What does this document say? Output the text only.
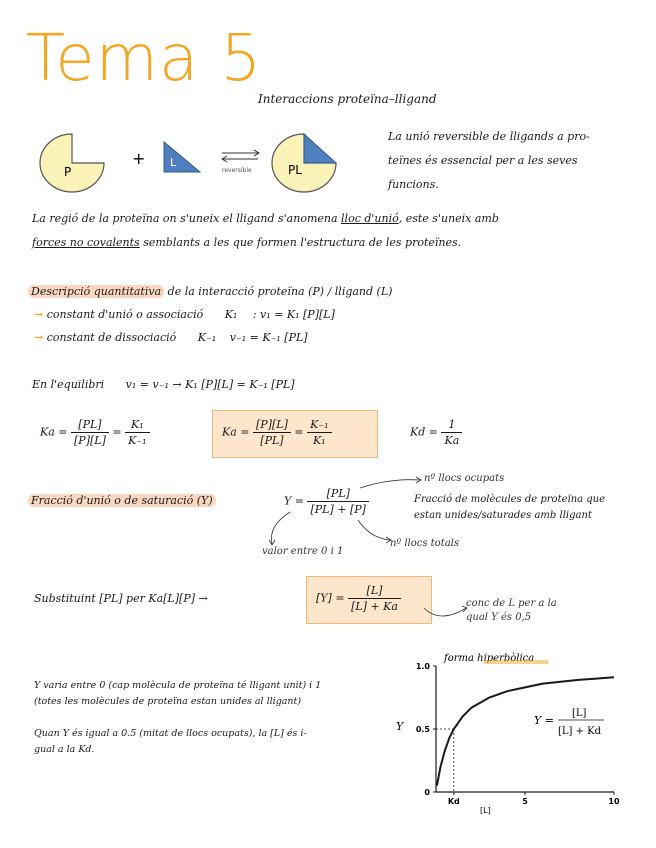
Tema 5
Interaccions proteïna–lligand
P
+ L
reversible	PL
La unió reversible de lligands a pro-
teïnes és essencial per a les seves
funcions.
La regió de la proteïna on s'uneix el lligand s'anomena lloc d'unió, este s'uneix amb
forces no covalents semblants a les que formen l'estructura de les proteïnes.
Descripció quantitativa de la interacció proteïna (P) / lligand (L)
→ constant d'unió o associació K₁ : v₁ = K₁ [P][L]
→ constant de dissociació K₋₁ v₋₁ = K₋₁ [PL]
En l'equilibri v₁ = v₋₁ → K₁ [P][L] = K₋₁ [PL]
$Ka = \frac{[PL]}{[P][L]} = \frac{\text{K₁}}{\text{K₋₁}}$	$Ka = \frac{[P][L]}{[PL]} = \frac{\text{K₋₁}}{\text{K₁}}$	$Kd = \frac{1}{Ka}$
Fracció d'unió o de saturació (Y)	$Y = \frac{[PL]}{[PL] + [P]}$
nº llocs ocupats
nº llocs totals
valor entre 0 i 1
Fracció de molècules de proteïna que
estan unides/saturades amb lligant
Substituint [PL] per Ka[L][P] →	$[Y] = \frac{[L]}{[L] + Ka}$	conc de L per a la
qual Y és 0,5
Y varia entre 0 (cap molècula de proteïna té lligant unit) i 1
(totes les molècules de proteïna estan unides al lligant)
Quan Y és igual a 0.5 (mitat de llocs ocupats), la [L] és i-
gual a la Kd.
forma hiperbòlica
1.0
0.5
0
Kd	5	10
[L]
Y	Y =
[L]
[L] + Kd
